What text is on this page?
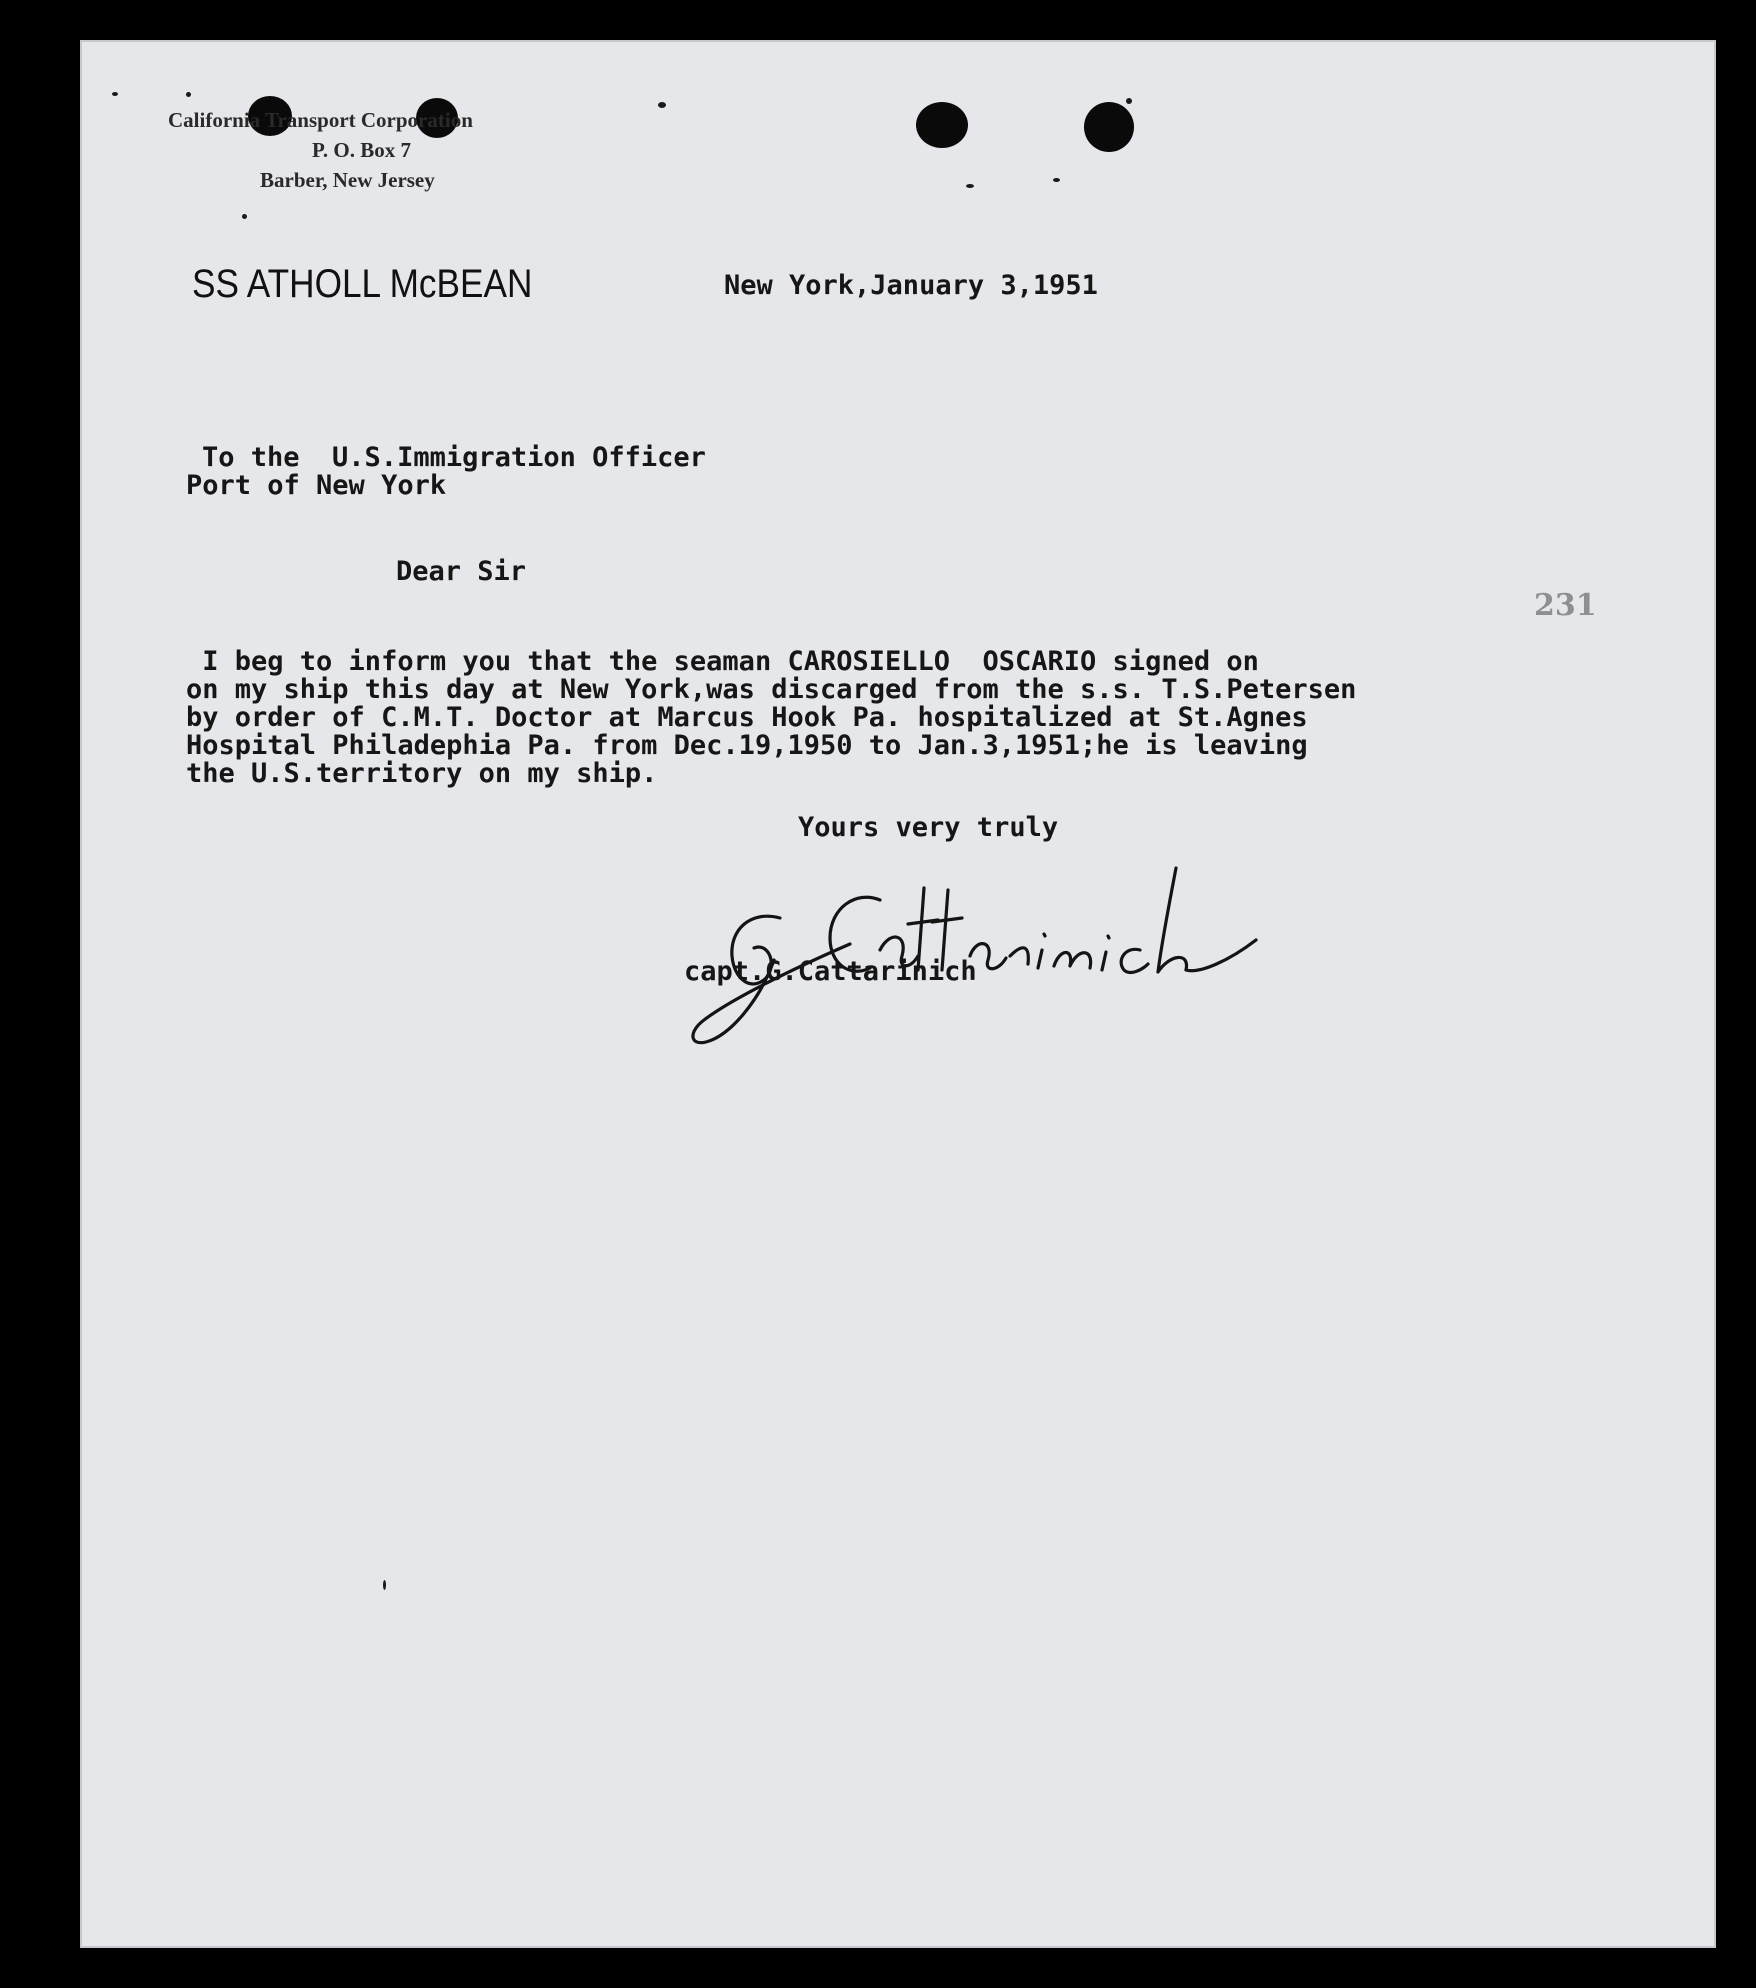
California Transport Corporation
P. O. Box 7
Barber, New Jersey
SS ATHOLL McBEAN	New York,January 3,1951
To the  U.S.Immigration Officer
Port of New York
Dear Sir
231
I beg to inform you that the seaman CAROSIELLO  OSCARIO signed on
on my ship this day at New York,was discarged from the s.s. T.S.Petersen
by order of C.M.T. Doctor at Marcus Hook Pa. hospitalized at St.Agnes
Hospital Philadephia Pa. from Dec.19,1950 to Jan.3,1951;he is leaving
the U.S.territory on my ship.
Yours very truly
capt.G.Cattarinich
